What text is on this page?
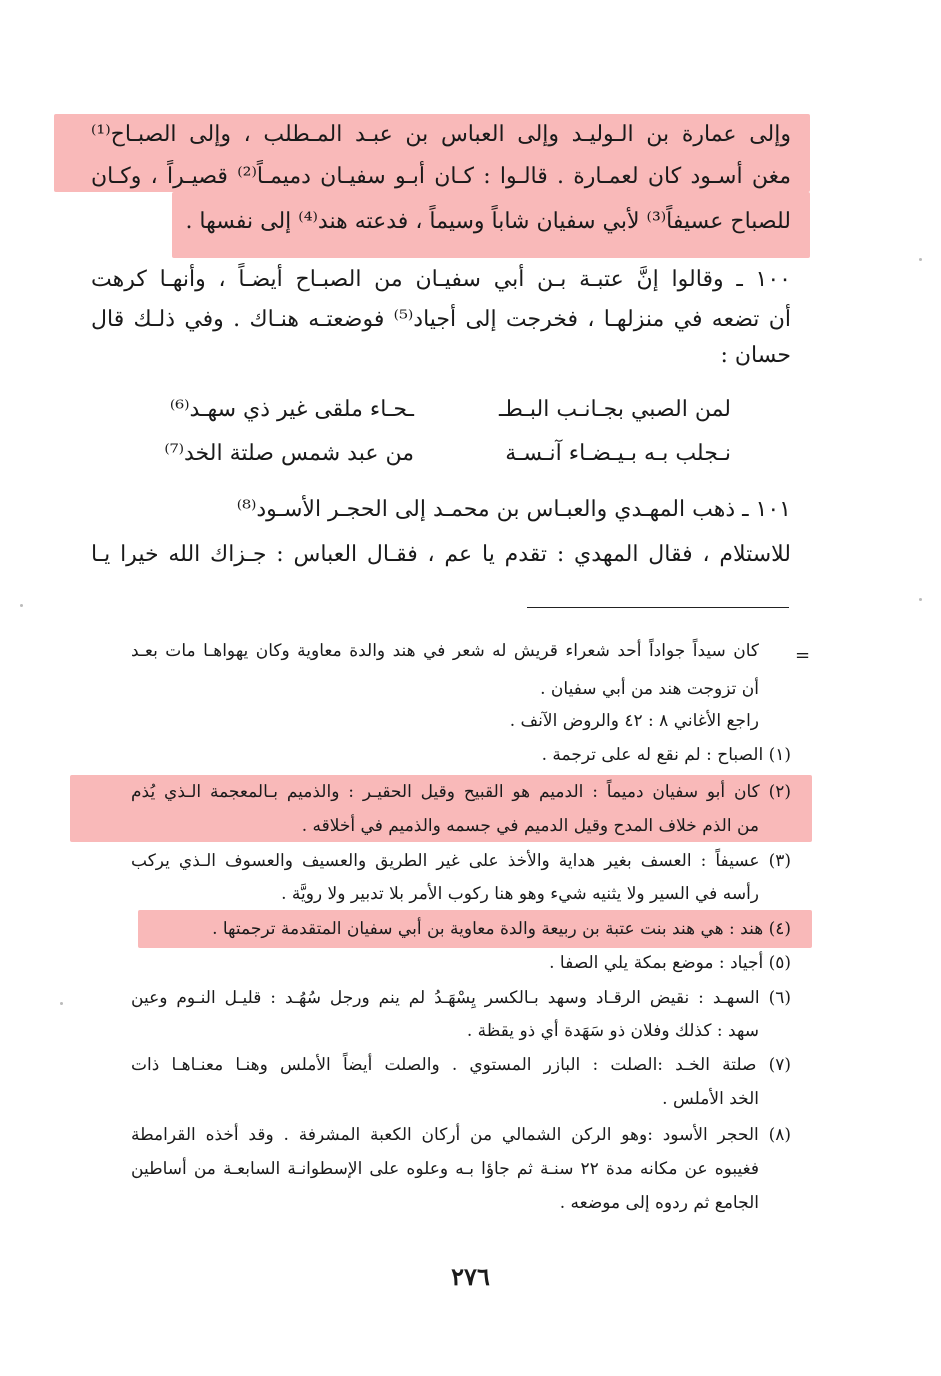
وإلى عمارة بن الـوليـد وإلى العباس بن عبـد المـطلب ، وإلى الصبـاح⁽¹⁾
مغن أسـود كان لعمـارة . قالـوا : كـان أبـو سفيـان دميمـاً⁽²⁾ قصيـراً ، وكـان
للصباح عسيفاً⁽³⁾ لأبي سفيان شاباً وسيماً ، فدعته هند⁽⁴⁾ إلى نفسها .
١٠٠ ـ وقالوا إنَّ عتبـة بـن أبي سفيـان من الصبـاح أيضـاً ، وأنهـا كرهت
أن تضعه في منزلهـا ، فخرجت إلى أجياد⁽⁵⁾ فوضعتـه هنـاك . وفي ذلـك قال
حسان :
لمن الصبي بجـانـب البـطـ
ـحـاء ملقى غير ذي سهـد⁽⁶⁾
نـجلب بـه بـيـضـاء آنـسـة
من عبد شمس صلتة الخد⁽⁷⁾
١٠١ ـ ذهب المهـدي والعبـاس بن محمـد إلى الحجـر الأسـود⁽⁸⁾
للاستلام ، فقال المهدي : تقدم يا عم ، فقـال العباس : جـزاك الله خيرا يـا
=
كان سيداً جواداً أحد شعراء قريش له شعر في هند والدة معاوية وكان يهواهـا مات بعـد
أن تزوجت هند من أبي سفيان .
راجع الأغاني ٨ : ٤٢ والروض الآنف .
(١) الصباح : لم نقع له على ترجمة .
(٢) كان أبو سفيان دميماً : الدميم هو القبيح وقيل الحقيـر : والذميم بـالمعجمة الـذي يُذم
من الذم خلاف المدح وقيل الدميم في جسمه والذميم في أخلاقه .
(٣) عسيفاً : العسف بغير هداية والأخذ على غير الطريق والعسيف والعسوف الـذي يركب
رأسه في السير ولا يثنيه شيء وهو هنا ركوب الأمر بلا تدبير ولا رويَّة .
(٤) هند : هي هند بنت عتبة بن ربيعة والدة معاوية بن أبي سفيان المتقدمة ترجمتها .
(٥) أجياد : موضع بمكة يلي الصفا .
(٦) السهـد : نقيض الرقـاد وسهد بـالكسر يِسْهَـدُ لم ينم ورجل سُهُـد : قليـل النـوم وعين
سهد : كذلك وفلان ذو سَهَدة أي ذو يقظة .
(٧) صلتة الخـد :الصلت : البازر المستوي . والصلت أيضاً الأملس وهنـا معنـاهـا ذات
الخد الأملس .
(٨) الحجر الأسود :وهو الركن الشمالي من أركان الكعبة المشرفة . وقد أخذه القرامطة
فغيبوه عن مكانه مدة ٢٢ سنـة ثم جاؤا بـه وعلوه على الإسطوانـة السابعـة من أساطين
الجامع ثم ردوه إلى موضعه .
٢٧٦
